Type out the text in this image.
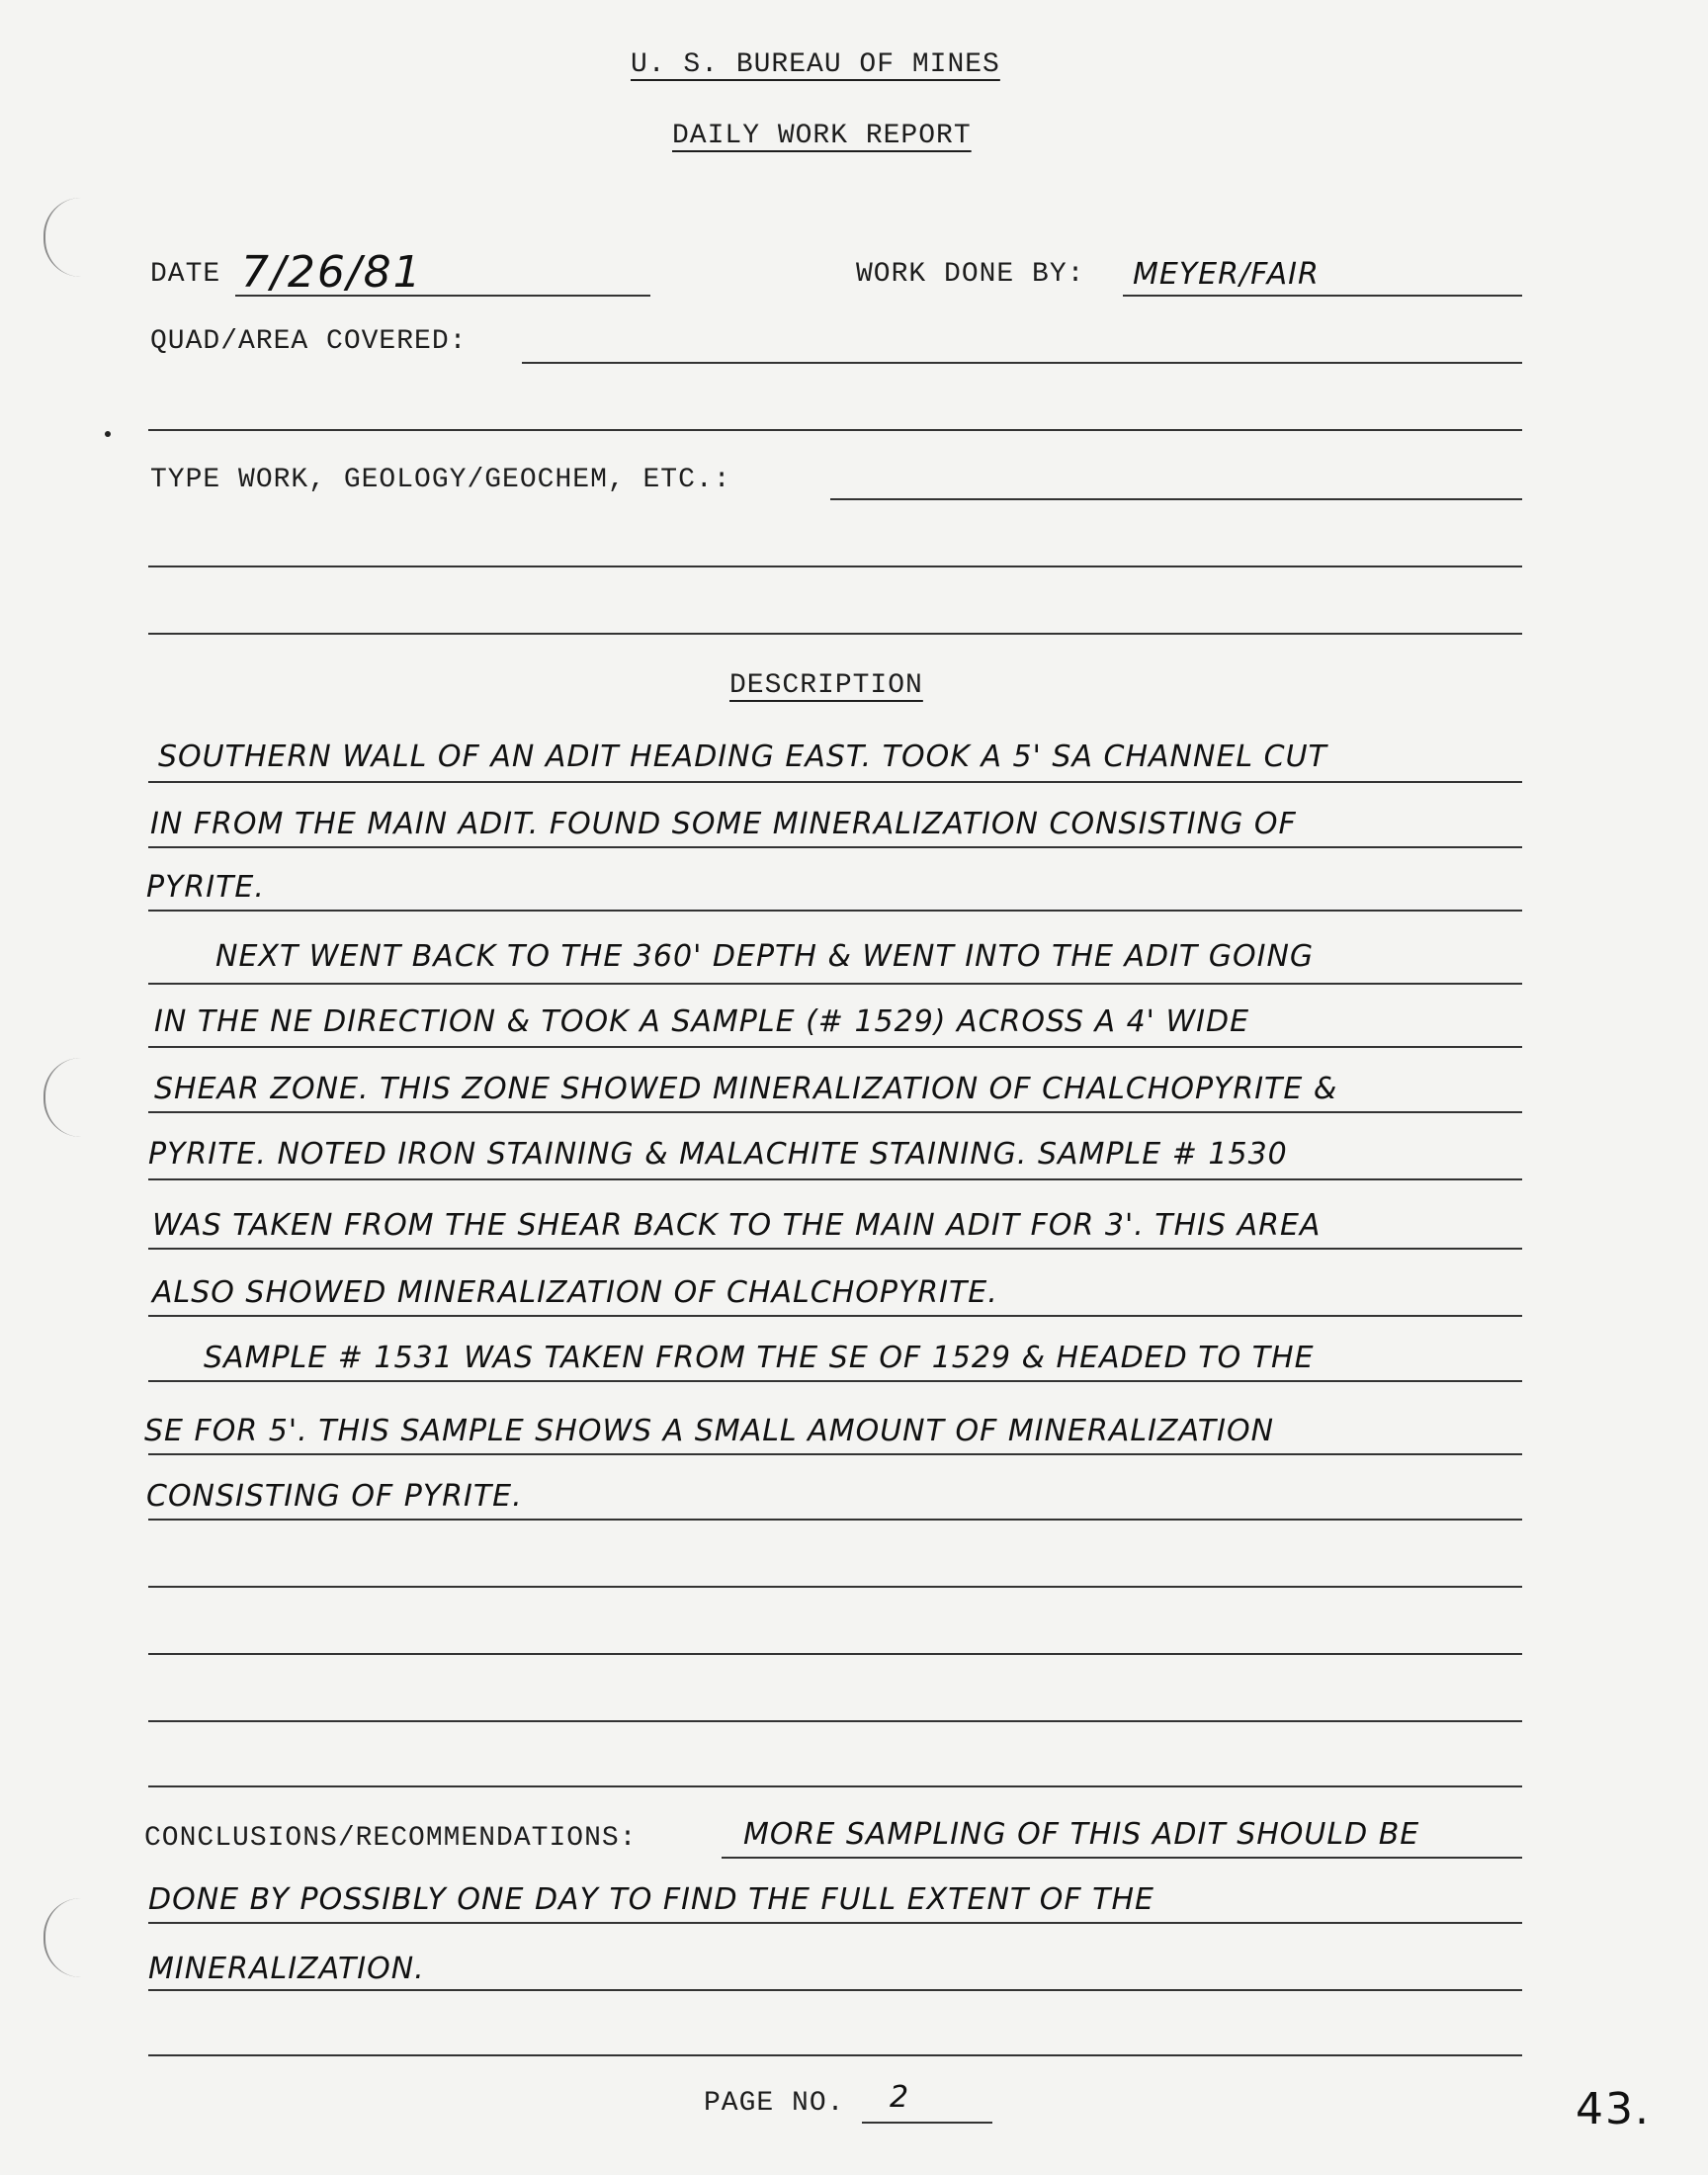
U. S. BUREAU OF MINES
DAILY WORK REPORT
DATE 7/26/81	WORK DONE BY: MEYER/FAIR
QUAD/AREA COVERED:
TYPE WORK, GEOLOGY/GEOCHEM, ETC.:
DESCRIPTION
SOUTHERN WALL OF AN ADIT HEADING EAST. TOOK A 5' SA CHANNEL CUT
IN FROM THE MAIN ADIT. FOUND SOME MINERALIZATION CONSISTING OF
PYRITE.
NEXT WENT BACK TO THE 360' DEPTH & WENT INTO THE ADIT GOING
IN THE NE DIRECTION & TOOK A SAMPLE (# 1529) ACROSS A 4' WIDE
SHEAR ZONE. THIS ZONE SHOWED MINERALIZATION OF CHALCHOPYRITE &
PYRITE. NOTED IRON STAINING & MALACHITE STAINING. SAMPLE # 1530
WAS TAKEN FROM THE SHEAR BACK TO THE MAIN ADIT FOR 3'. THIS AREA
ALSO SHOWED MINERALIZATION OF CHALCHOPYRITE.
SAMPLE # 1531 WAS TAKEN FROM THE SE OF 1529 & HEADED TO THE
SE FOR 5'. THIS SAMPLE SHOWS A SMALL AMOUNT OF MINERALIZATION
CONSISTING OF PYRITE.
CONCLUSIONS/RECOMMENDATIONS:	MORE SAMPLING OF THIS ADIT SHOULD BE
DONE BY POSSIBLY ONE DAY TO FIND THE FULL EXTENT OF THE
MINERALIZATION.
PAGE NO. 2	43.
